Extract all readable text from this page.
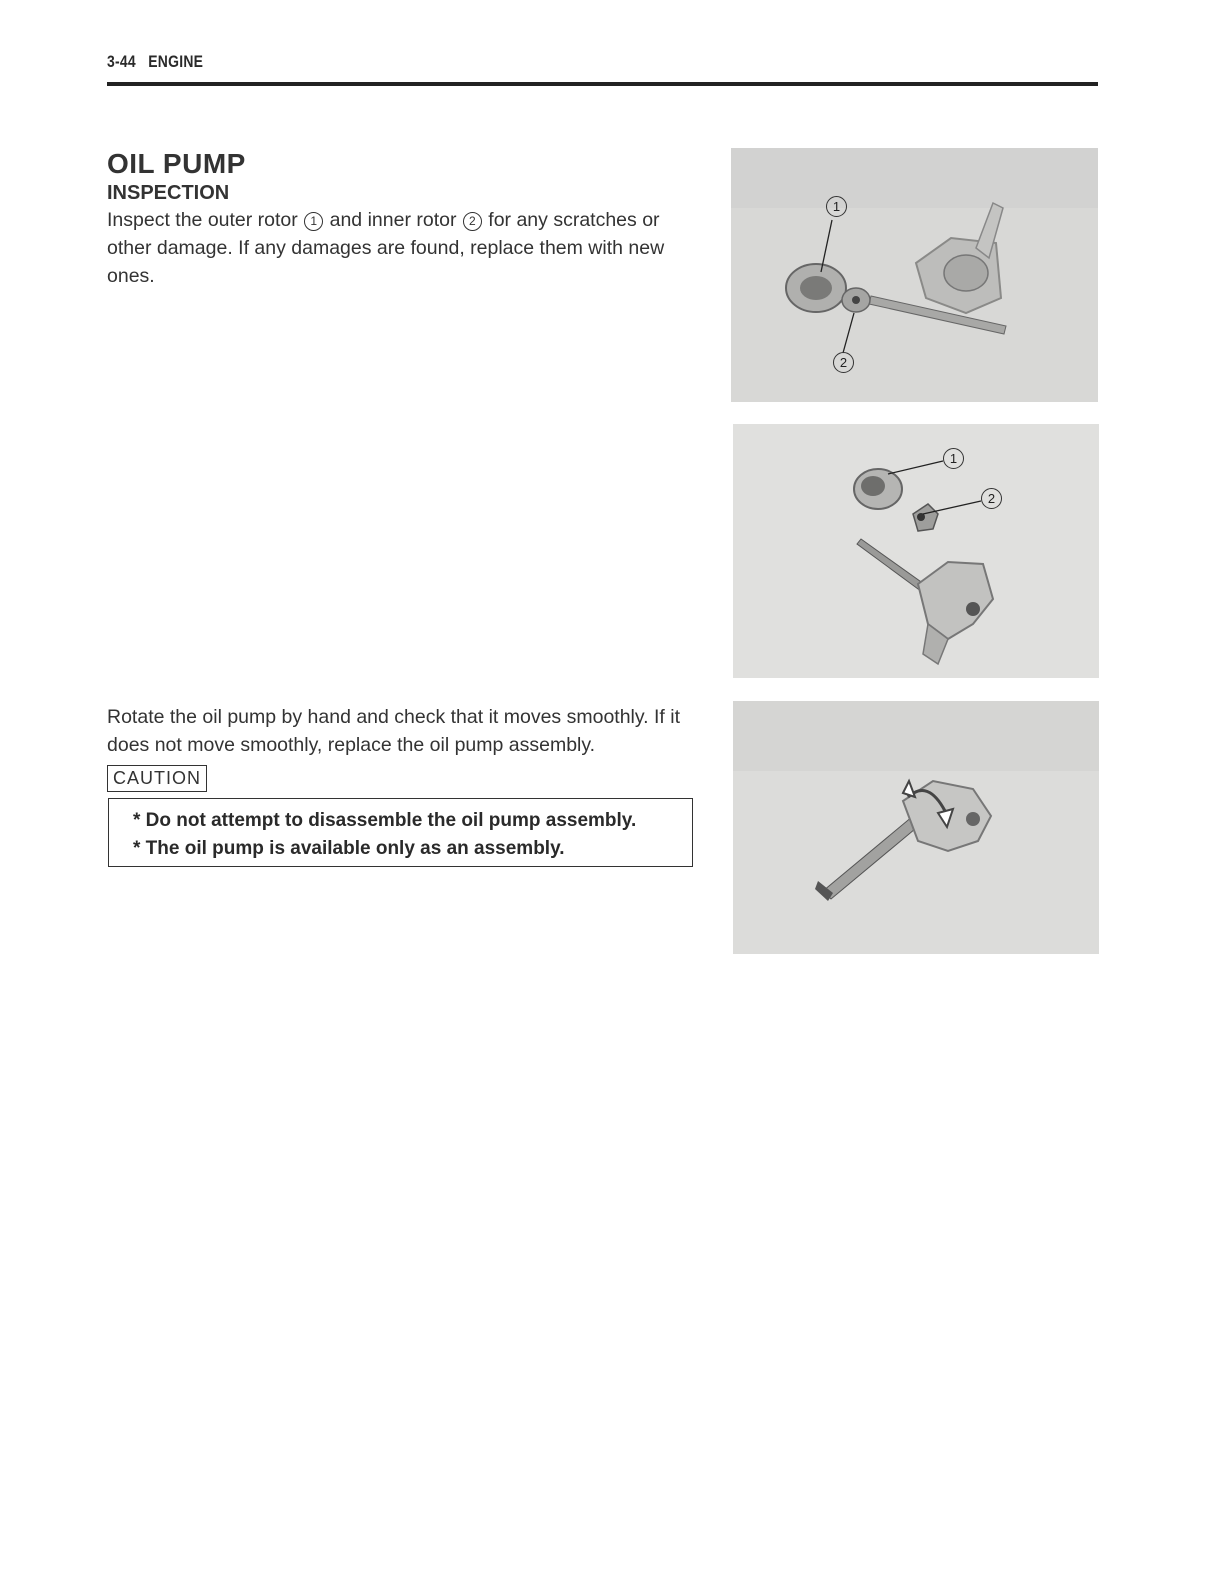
3-44 ENGINE
OIL PUMP
INSPECTION

Inspect the outer rotor 1 and inner rotor 2 for any scratches or other damage. If any damages are found, replace them with new ones.

Rotate the oil pump by hand and check that it moves smoothly. If it does not move smoothly, replace the oil pump assembly.

CAUTION

* Do not attempt to disassemble the oil pump assembly.

* The oil pump is available only as an assembly.

1
2
1
2
